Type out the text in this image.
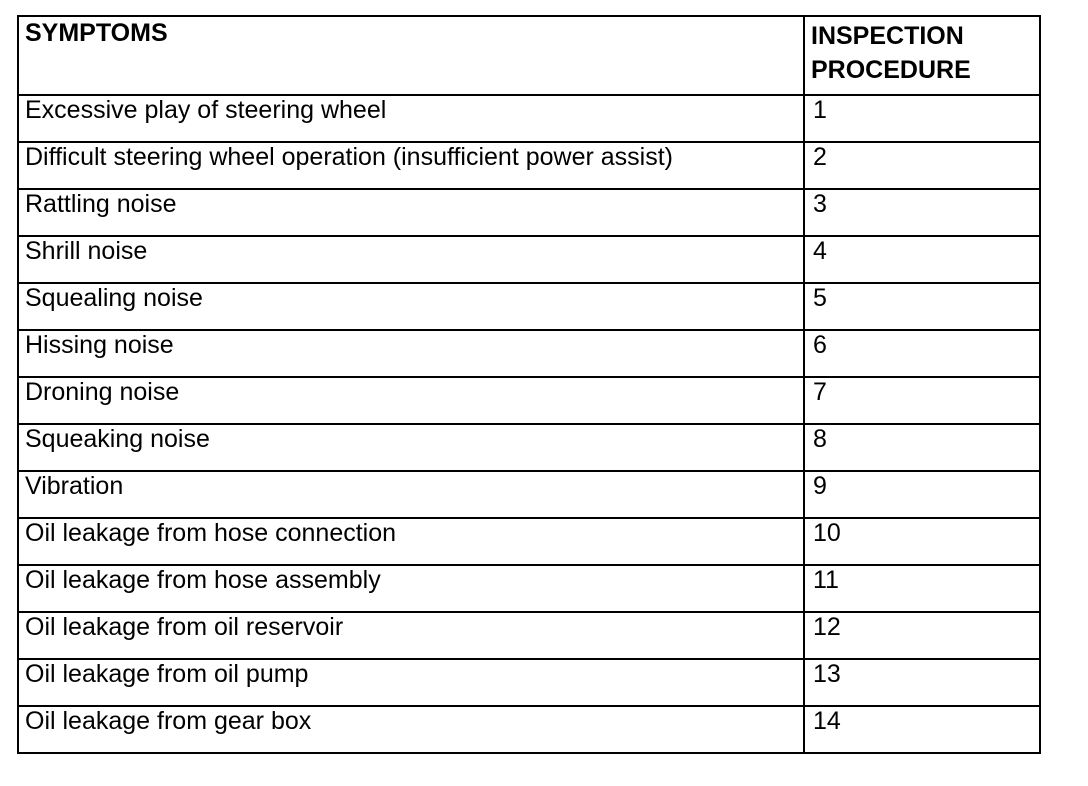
SYMPTOMS	INSPECTION PROCEDURE
Excessive play of steering wheel	1
Difficult steering wheel operation (insufficient power assist)	2
Rattling noise	3
Shrill noise	4
Squealing noise	5
Hissing noise	6
Droning noise	7
Squeaking noise	8
Vibration	9
Oil leakage from hose connection	10
Oil leakage from hose assembly	11
Oil leakage from oil reservoir	12
Oil leakage from oil pump	13
Oil leakage from gear box	14
